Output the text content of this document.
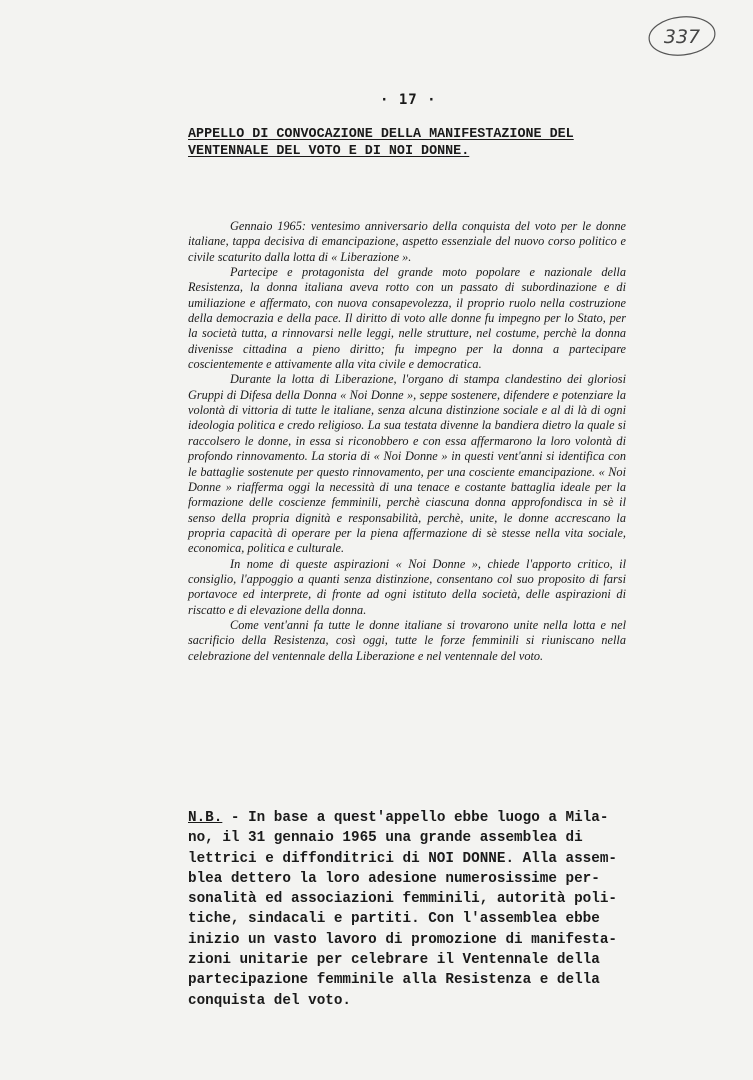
337
· 17 ·
APPELLO DI CONVOCAZIONE DELLA MANIFESTAZIONE DEL
VENTENNALE DEL VOTO E DI NOI DONNE.

Gennaio 1965: ventesimo anniversario della conquista del voto per le donne italiane, tappa decisiva di emancipazione, aspetto essenziale del nuovo corso politico e civile scaturito dalla lotta di « Liberazione ».

Partecipe e protagonista del grande moto popolare e nazionale della Resistenza, la donna italiana aveva rotto con un passato di subordinazione e di umiliazione e affermato, con nuova consapevolezza, il proprio ruolo nella costruzione della democrazia e della pace. Il diritto di voto alle donne fu impegno per lo Stato, per la società tutta, a rinnovarsi nelle leggi, nelle strutture, nel costume, perchè la donna divenisse cittadina a pieno diritto; fu impegno per la donna a partecipare coscientemente e attivamente alla vita civile e democratica.

Durante la lotta di Liberazione, l'organo di stampa clandestino dei gloriosi Gruppi di Difesa della Donna « Noi Donne », seppe sostenere, difendere e potenziare la volontà di vittoria di tutte le italiane, senza alcuna distinzione sociale e al di là di ogni ideologia politica e credo religioso. La sua testata divenne la bandiera dietro la quale si raccolsero le donne, in essa si riconobbero e con essa affermarono la loro volontà di profondo rinnovamento. La storia di « Noi Donne » in questi vent'anni si identifica con le battaglie sostenute per questo rinnovamento, per una cosciente emancipazione. « Noi Donne » riafferma oggi la necessità di una tenace e costante battaglia ideale per la formazione delle coscienze femminili, perchè ciascuna donna approfondisca in sè il senso della propria dignità e responsabilità, perchè, unite, le donne accrescano la propria capacità di operare per la piena affermazione di sè stesse nella vita sociale, economica, politica e culturale.

In nome di queste aspirazioni « Noi Donne », chiede l'apporto critico, il consiglio, l'appoggio a quanti senza distinzione, consentano col suo proposito di farsi portavoce ed interprete, di fronte ad ogni istituto della società, delle aspirazioni di riscatto e di elevazione della donna.

Come vent'anni fa tutte le donne italiane si trovarono unite nella lotta e nel sacrificio della Resistenza, così oggi, tutte le forze femminili si riuniscano nella celebrazione del ventennale della Liberazione e nel ventennale del voto.

N.B. - In base a quest'appello ebbe luogo a Mila-
no, il 31 gennaio 1965 una grande assemblea di
lettrici e diffonditrici di NOI DONNE. Alla assem-
blea dettero la loro adesione numerosissime per-
sonalità ed associazioni femminili, autorità poli-
tiche, sindacali e partiti. Con l'assemblea ebbe
inizio un vasto lavoro di promozione di manifesta-
zioni unitarie per celebrare il Ventennale della
partecipazione femminile alla Resistenza e della
conquista del voto.
